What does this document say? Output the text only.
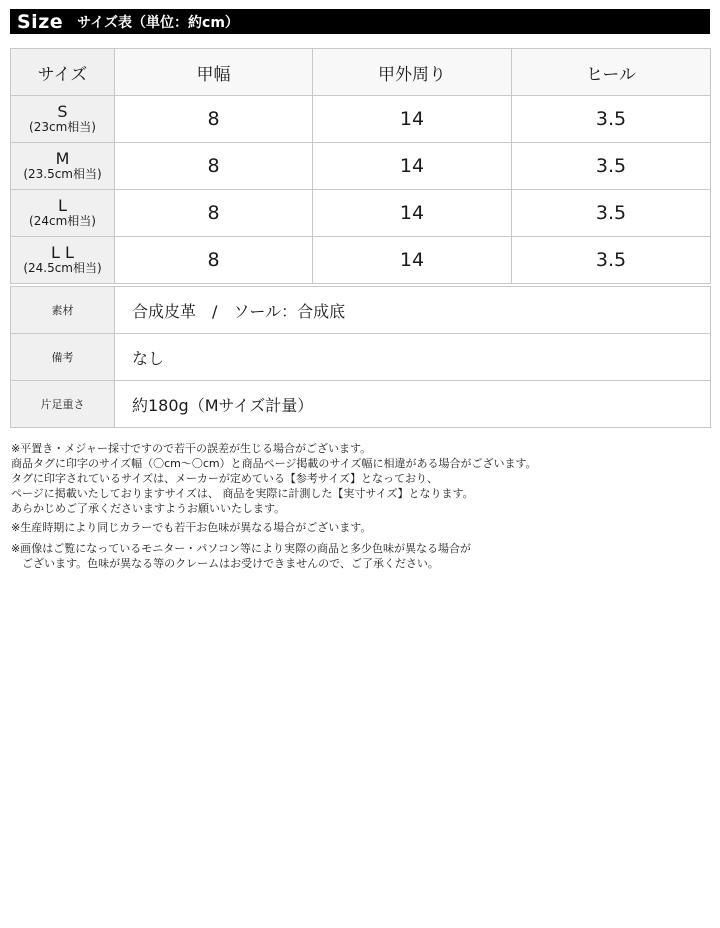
Size サイズ表（単位：約cm）
サイズ	甲幅	甲外周り	ヒール

S
(23cm相当)	8	14	3.5

M
(23.5cm相当)	8	14	3.5

L
(24cm相当)	8	14	3.5

L L
(24.5cm相当)	8	14	3.5
素材	合成皮革　/　ソール：合成底
備考	なし
片足重さ	約180g（Mサイズ計量）

※平置き・メジャー採寸ですので若干の誤差が生じる場合がございます。

商品タグに印字のサイズ幅（〇cm〜〇cm）と商品ページ掲載のサイズ幅に相違がある場合がございます。

タグに印字されているサイズは、メーカーが定めている【参考サイズ】となっており、

ページに掲載いたしておりますサイズは、 商品を実際に計測した【実寸サイズ】となります。

あらかじめご了承くださいますようお願いいたします。

※生産時期により同じカラーでも若干お色味が異なる場合がございます。

※画像はご覧になっているモニター・パソコン等により実際の商品と多少色味が異なる場合が

　ございます。色味が異なる等のクレームはお受けできませんので、ご了承ください。
